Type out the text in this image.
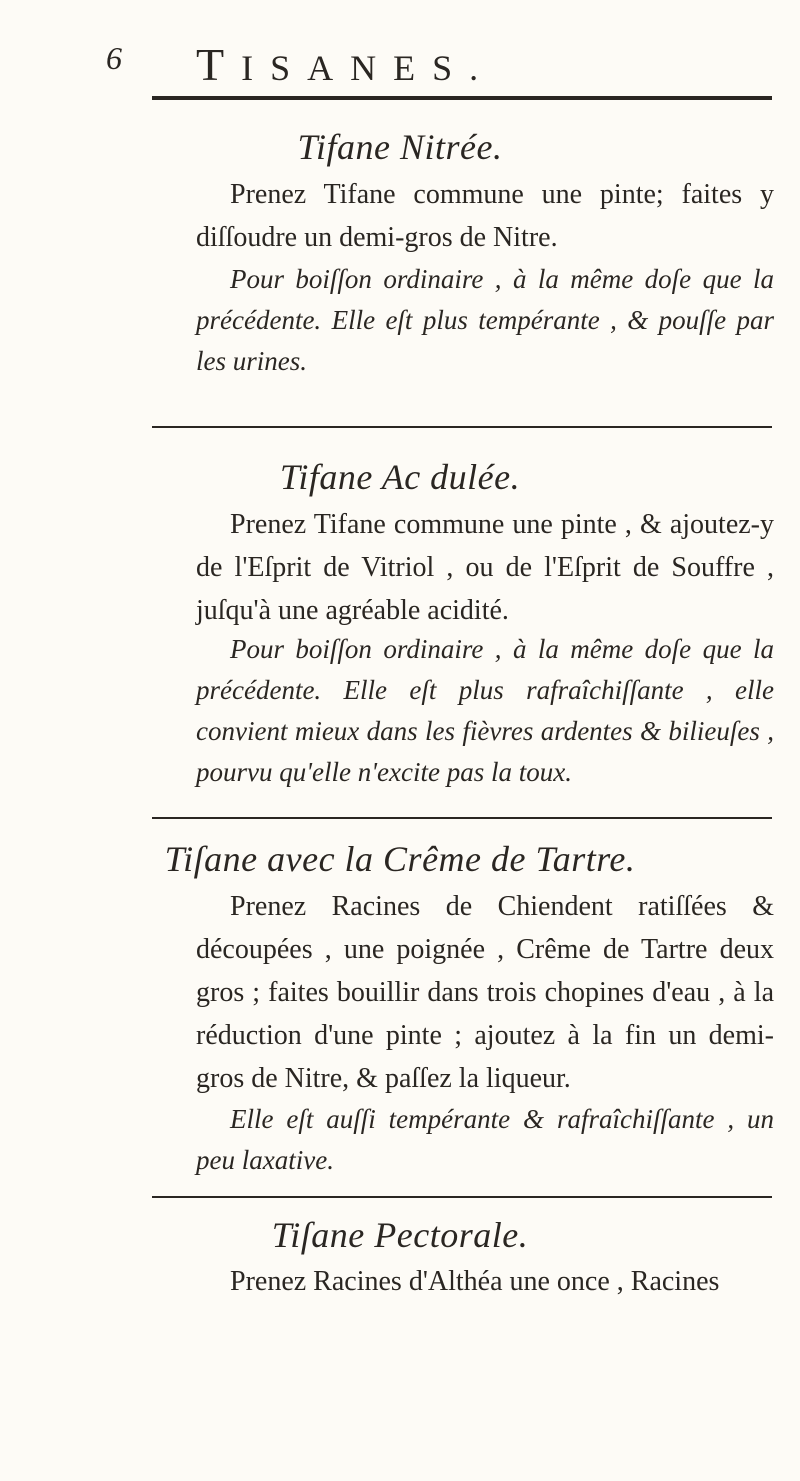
6 TISANES.
Tifane Nitrée.

Prenez Tifane commune une pinte; faites y diſſoudre un demi-gros de Nitre.

Pour boiſſon ordinaire , à la même doſe que la précédente. Elle eſt plus tempérante , & pouſſe par les urines.

Tifane Ac dulée.

Prenez Tifane commune une pinte , & ajoutez-y de l'Eſprit de Vitriol , ou de l'Eſprit de Souffre , juſqu'à une agréable acidité.

Pour boiſſon ordinaire , à la même doſe que la précédente. Elle eſt plus rafraîchiſſante , elle convient mieux dans les fièvres ardentes & bilieuſes , pourvu qu'elle n'excite pas la toux.

Tiſane avec la Crême de Tartre.

Prenez Racines de Chiendent ratiſſées & découpées , une poignée , Crême de Tartre deux gros ; faites bouillir dans trois chopines d'eau , à la réduction d'une pinte ; ajoutez à la fin un demi-gros de Nitre, & paſſez la liqueur.

Elle eſt auſſi tempérante & rafraîchiſſante , un peu laxative.

Tiſane Pectorale.

Prenez Racines d'Althéa une once , Racines
